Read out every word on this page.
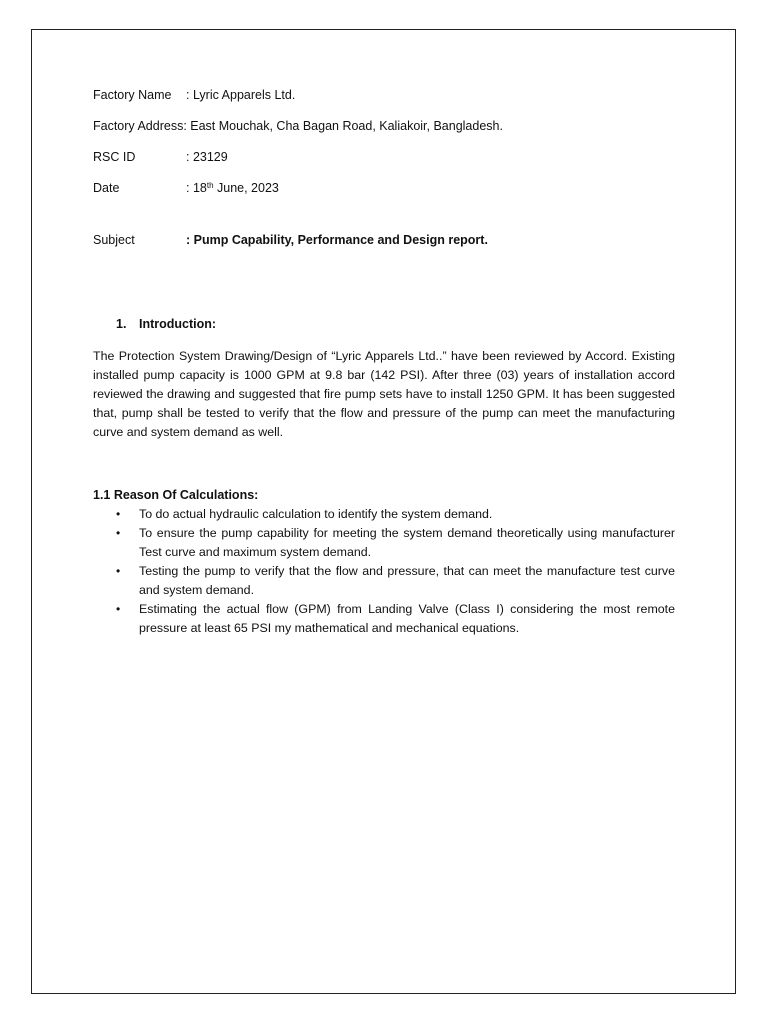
Factory Name	: Lyric Apparels Ltd.
Factory Address: East Mouchak, Cha Bagan Road, Kaliakoir, Bangladesh.
RSC ID	: 23129
Date	: 18th June, 2023
Subject	: Pump Capability, Performance and Design report.
1.	Introduction:

The Protection System Drawing/Design of “Lyric Apparels Ltd..” have been reviewed by Accord. Existing installed pump capacity is 1000 GPM at 9.8 bar (142 PSI). After three (03) years of installation accord reviewed the drawing and suggested that fire pump sets have to install 1250 GPM. It has been suggested that, pump shall be tested to verify that the flow and pressure of the pump can meet the manufacturing curve and system demand as well.

1.1 Reason Of Calculations:
• To do actual hydraulic calculation to identify the system demand.
• To ensure the pump capability for meeting the system demand theoretically using manufacturer Test curve and maximum system demand.
• Testing the pump to verify that the flow and pressure, that can meet the manufacture test curve and system demand.
• Estimating the actual flow (GPM) from Landing Valve (Class I) considering the most remote pressure at least 65 PSI my mathematical and mechanical equations.
